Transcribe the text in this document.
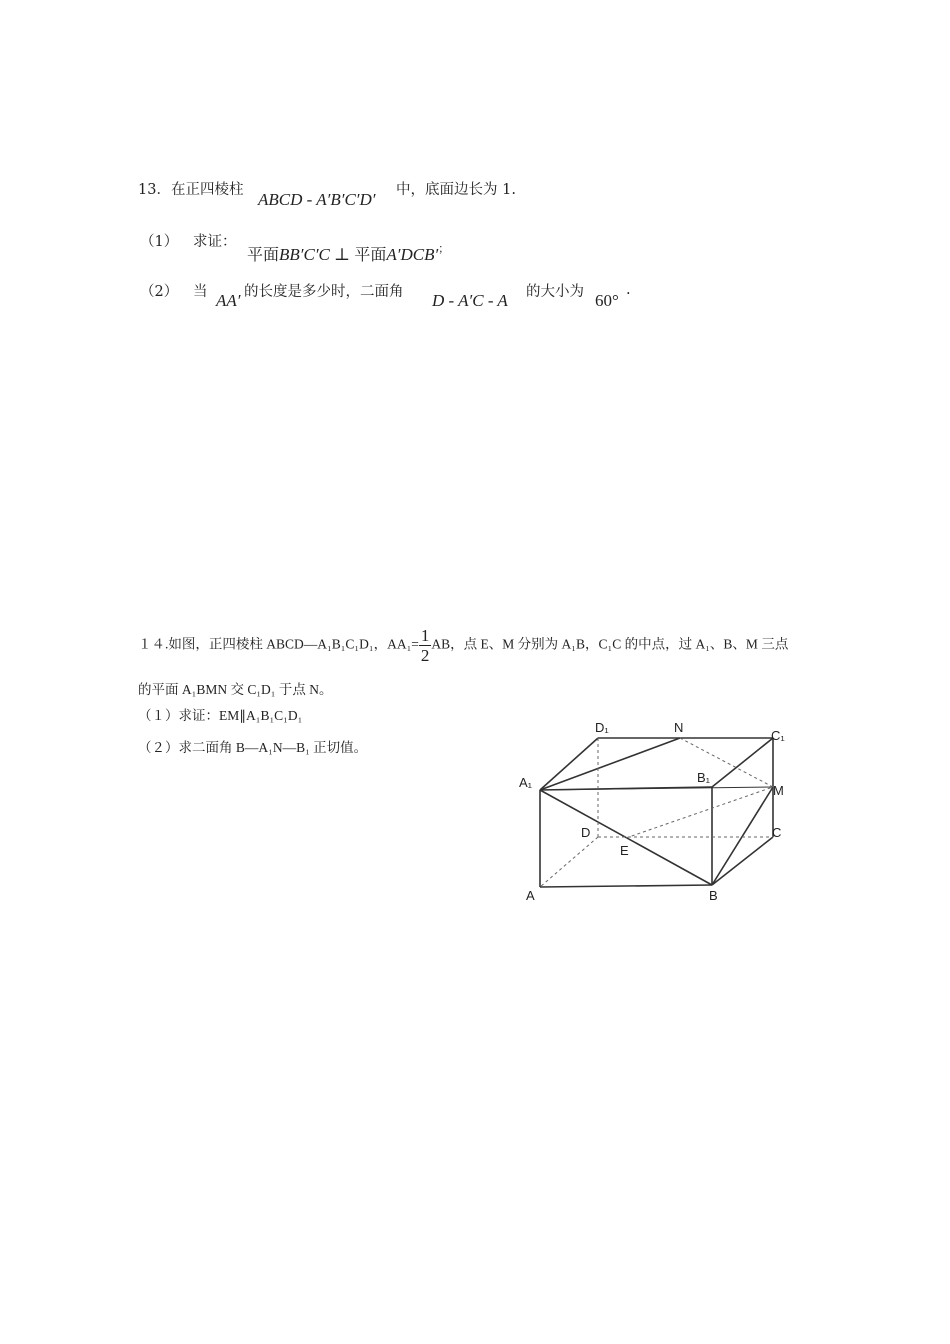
13．在正四棱柱 ABCD - A′B′C′D′ 中，底面边长为 1.
（1） 求证：
平面BB′C′C ⊥ 平面A′DCB′；
（2） 当 AA′ 的长度是多少时，二面角 D - A′C - A 的大小为 60°
.
１４.如图，正四棱柱 ABCD—A₁B₁C₁D₁，$AA_1= \frac{1}{2}$ AB，点 E、M 分别为 A₁B，C₁C 的中点，过 A₁、B、M 三点
的平面 A₁BMN 交 C₁D₁ 于点 N。
（１）求证：EM∥A₁B₁C₁D₁
（２）求二面角 B—A₁N—B₁ 正切值。
D₁	N
C₁
A₁	B₁
M
D	C
E
A	B
